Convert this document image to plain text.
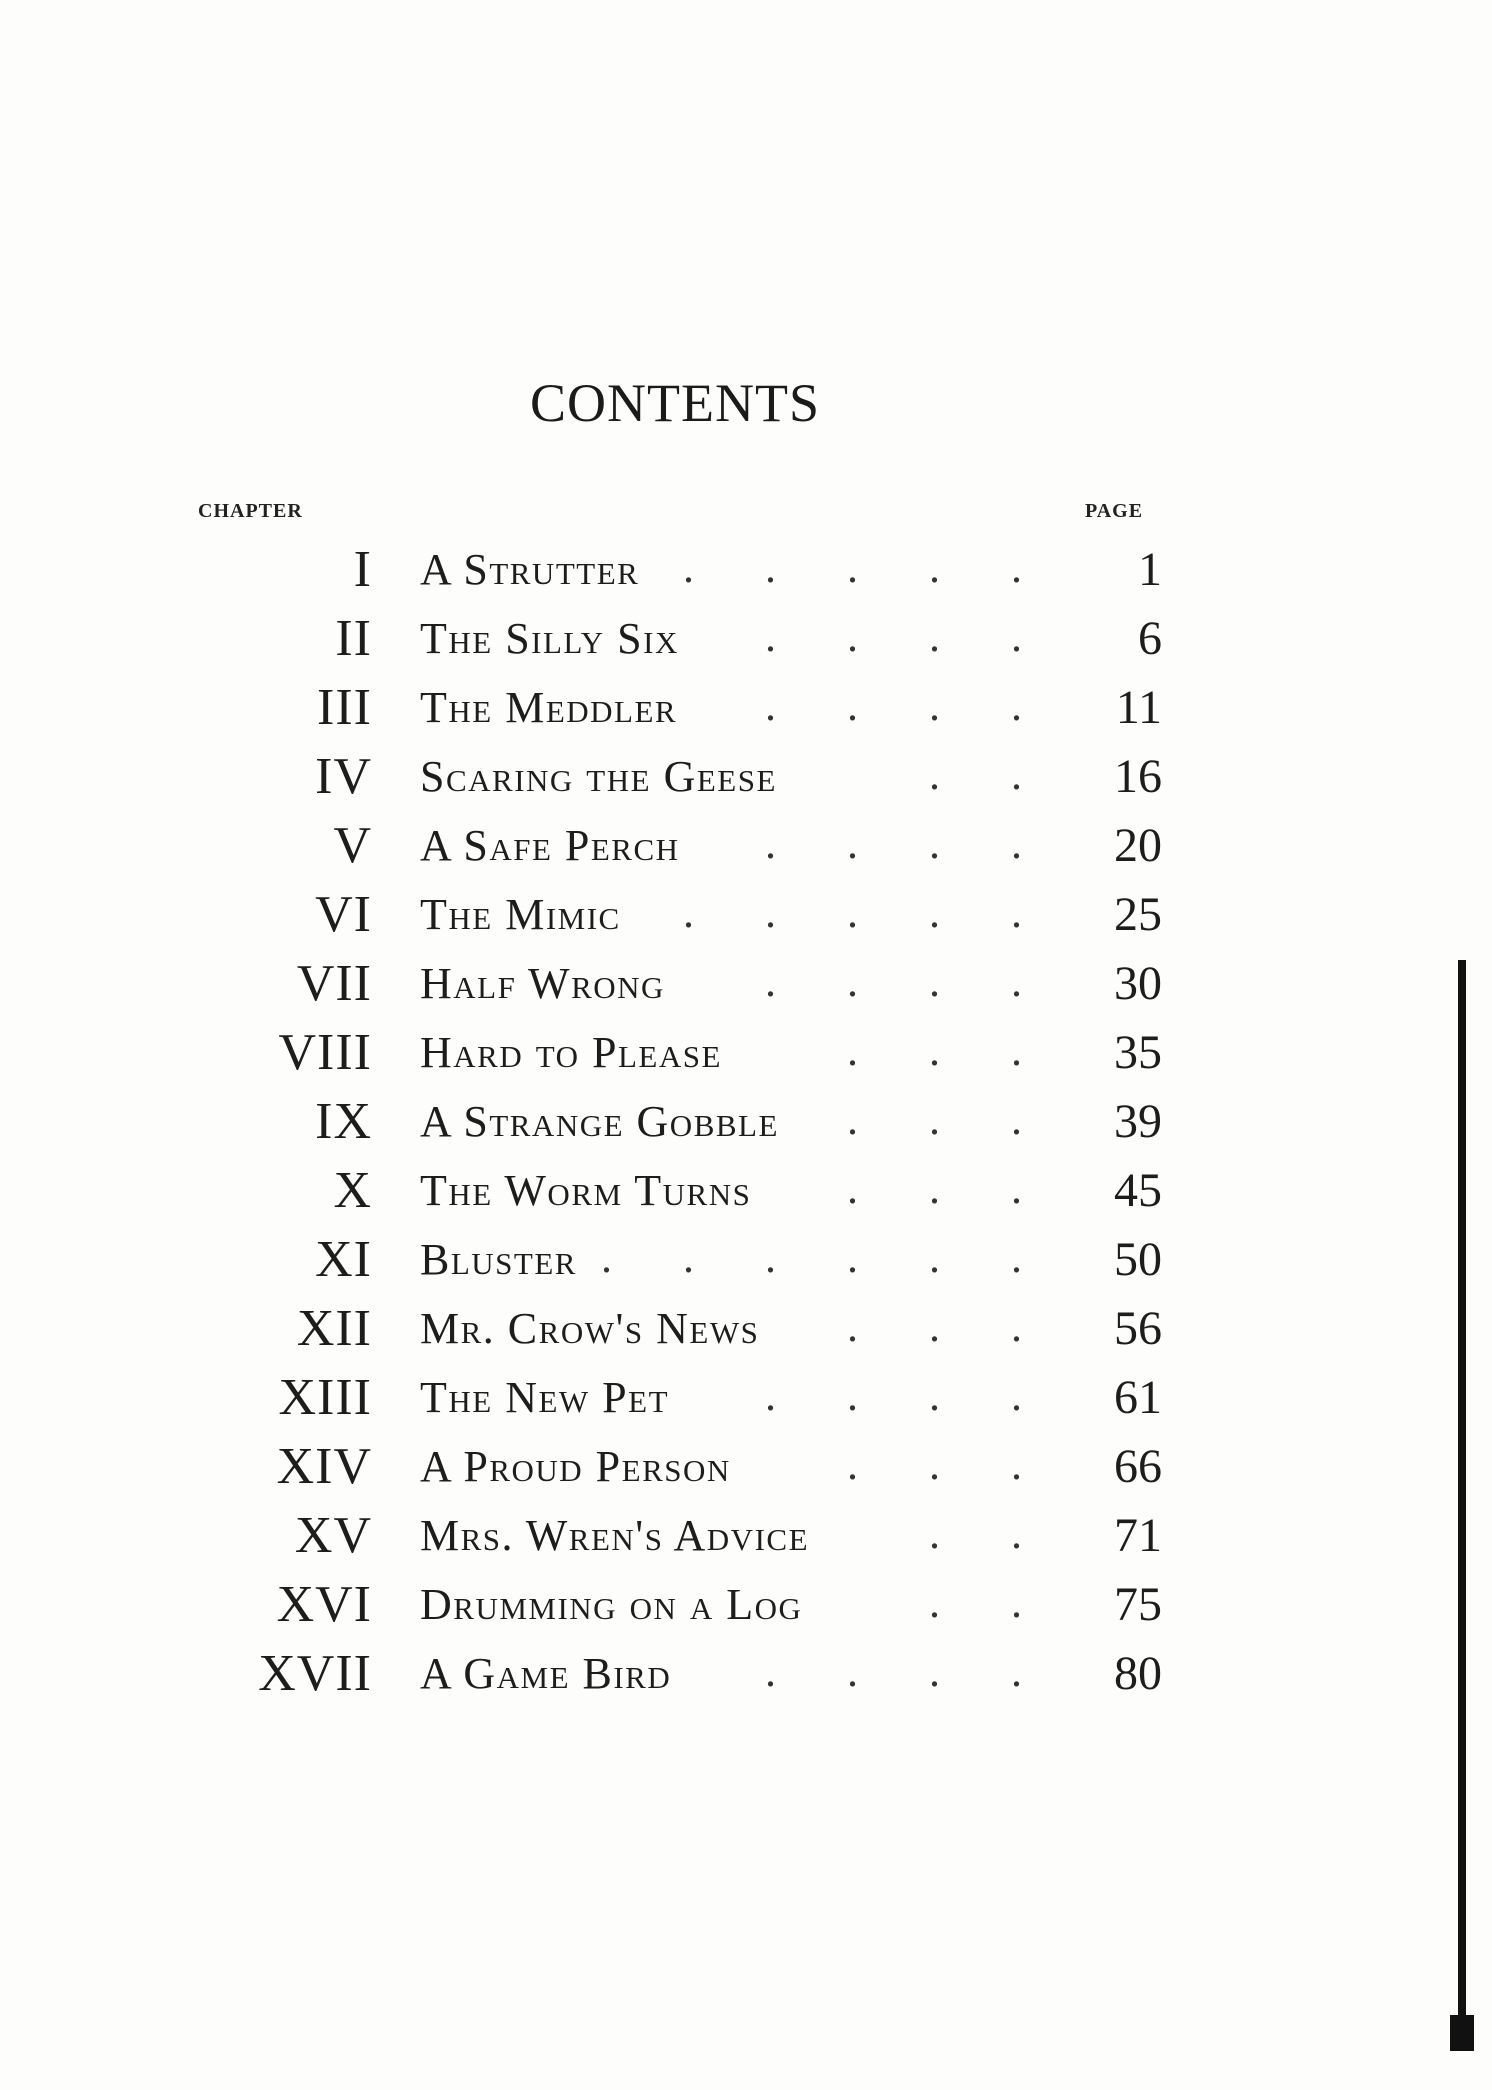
CONTENTS
CHAPTER	PAGE
I A Strutter . . . . . 1
II The Silly Six . . . . 6
III The Meddler . . . . 11
IV Scaring the Geese	. . 16
V A Safe Perch . . . . 20
VI The Mimic . . . . . 25
VII Half Wrong . . . . 30
VIII Hard to Please	. . . 35
IX A Strange Gobble . . . 39
X The Worm Turns . . . 45
XI Bluster . . . . . . 50
XII Mr. Crow's News . . . 56
XIII The New Pet . . . . 61
XIV A Proud Person	. . . 66
XV Mrs. Wren's Advice	. . 71
XVI Drumming on a Log	. . 75
XVII A Game Bird . . . . 80
